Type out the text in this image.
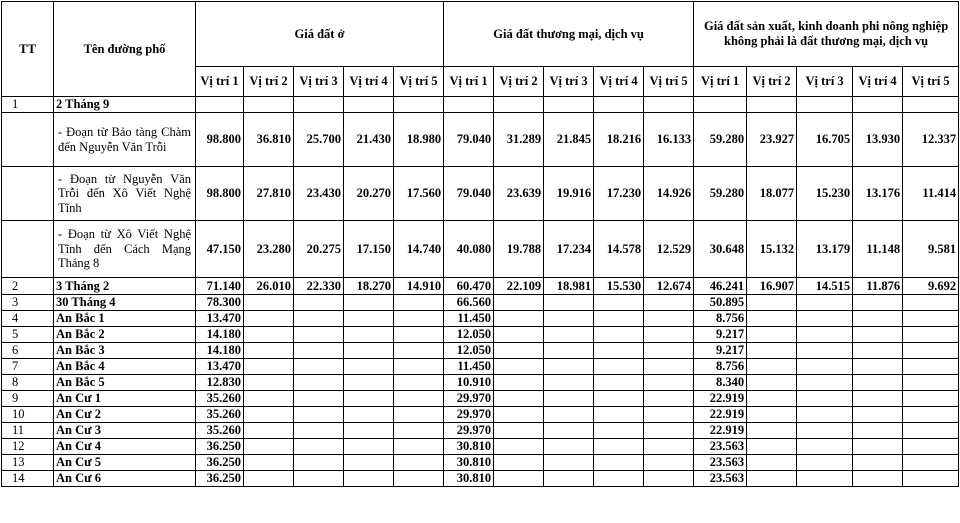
TT	Tên đường phố	Giá đất ở					Giá đất thương mại, dịch vụ					Giá đất sản xuất, kinh doanh phi nông nghiệp không phải là đất thương mại, dịch vụ				
		Vị trí 1	Vị trí 2	Vị trí 3	Vị trí 4	Vị trí 5	Vị trí 1	Vị trí 2	Vị trí 3	Vị trí 4	Vị trí 5	Vị trí 1	Vị trí 2	Vị trí 3	Vị trí 4	Vị trí 5
1	2 Tháng 9															
	- Đoạn từ Bảo tàng Chàm đến Nguyễn Văn Trỗi	98.800	36.810	25.700	21.430	18.980	79.040	31.289	21.845	18.216	16.133	59.280	23.927	16.705	13.930	12.337
	- Đoạn từ Nguyễn Văn Trỗi đến Xô Viết Nghệ Tĩnh	98.800	27.810	23.430	20.270	17.560	79.040	23.639	19.916	17.230	14.926	59.280	18.077	15.230	13.176	11.414
	- Đoạn từ Xô Viết Nghệ Tĩnh đến Cách Mạng Tháng 8	47.150	23.280	20.275	17.150	14.740	40.080	19.788	17.234	14.578	12.529	30.648	15.132	13.179	11.148	9.581
2	3 Tháng 2	71.140	26.010	22.330	18.270	14.910	60.470	22.109	18.981	15.530	12.674	46.241	16.907	14.515	11.876	9.692
3	30 Tháng 4	78.300					66.560					50.895				
4	An Bắc 1	13.470					11.450					8.756				
5	An Bắc 2	14.180					12.050					9.217				
6	An Bắc 3	14.180					12.050					9.217				
7	An Bắc 4	13.470					11.450					8.756				
8	An Bắc 5	12.830					10.910					8.340				
9	An Cư 1	35.260					29.970					22.919				
10	An Cư 2	35.260					29.970					22.919				
11	An Cư 3	35.260					29.970					22.919				
12	An Cư 4	36.250					30.810					23.563				
13	An Cư 5	36.250					30.810					23.563				
14	An Cư 6	36.250					30.810					23.563				
